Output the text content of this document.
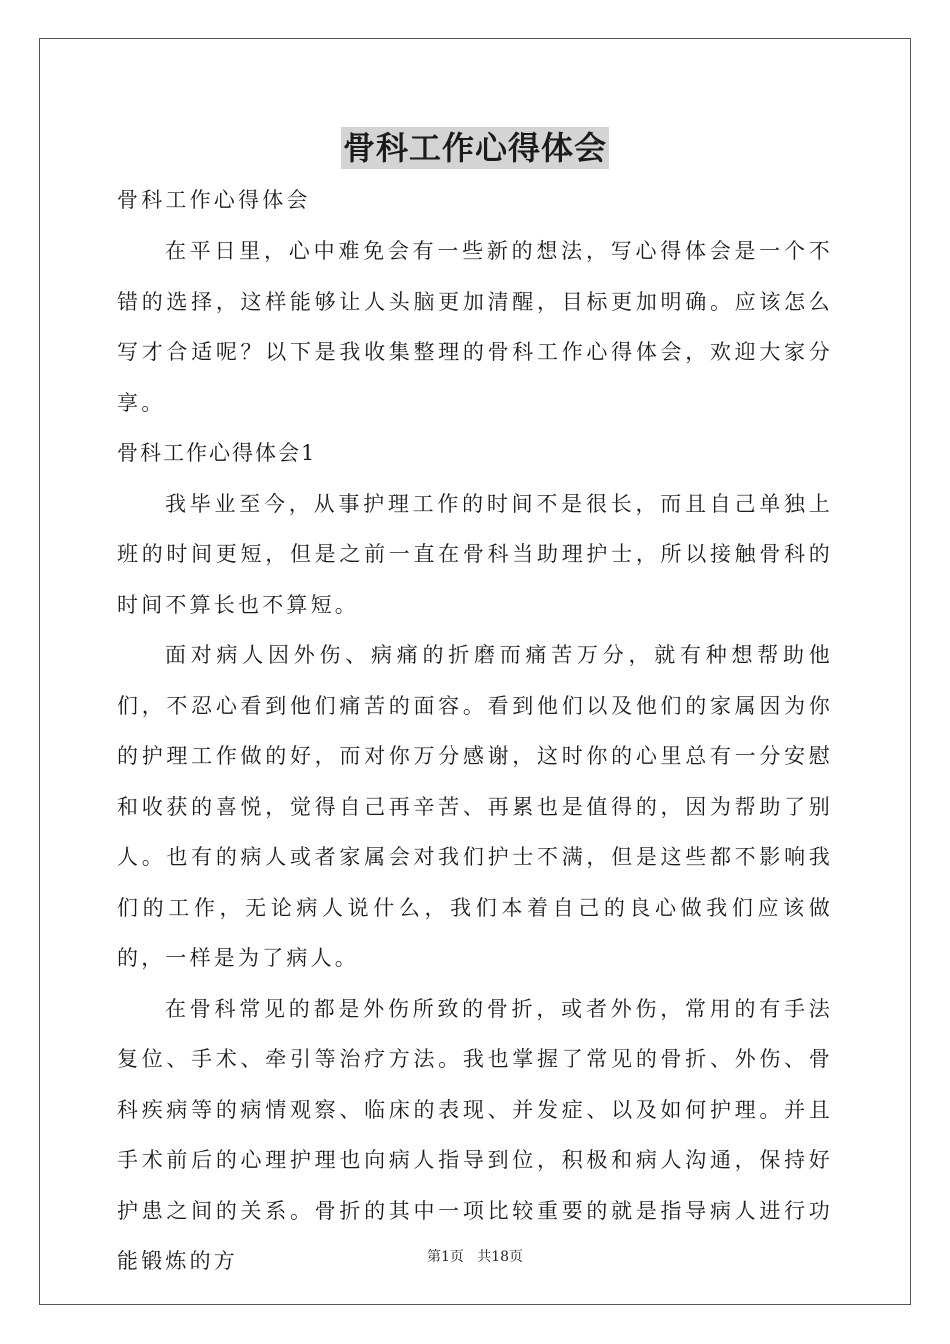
骨科工作心得体会

骨科工作心得体会

在平日里，心中难免会有一些新的想法，写心得体会是一个不错的选择，这样能够让人头脑更加清醒，目标更加明确。应该怎么写才合适呢？以下是我收集整理的骨科工作心得体会，欢迎大家分享。

骨科工作心得体会1

我毕业至今，从事护理工作的时间不是很长，而且自己单独上班的时间更短，但是之前一直在骨科当助理护士，所以接触骨科的时间不算长也不算短。

面对病人因外伤、病痛的折磨而痛苦万分，就有种想帮助他们，不忍心看到他们痛苦的面容。看到他们以及他们的家属因为你的护理工作做的好，而对你万分感谢，这时你的心里总有一分安慰和收获的喜悦，觉得自己再辛苦、再累也是值得的，因为帮助了别人。也有的病人或者家属会对我们护士不满，但是这些都不影响我们的工作，无论病人说什么，我们本着自己的良心做我们应该做的，一样是为了病人。

在骨科常见的都是外伤所致的骨折，或者外伤，常用的有手法复位、手术、牵引等治疗方法。我也掌握了常见的骨折、外伤、骨科疾病等的病情观察、临床的表现、并发症、以及如何护理。并且手术前后的心理护理也向病人指导到位，积极和病人沟通，保持好护患之间的关系。骨折的其中一项比较重要的就是指导病人进行功能锻炼的方	第1页   共18页
